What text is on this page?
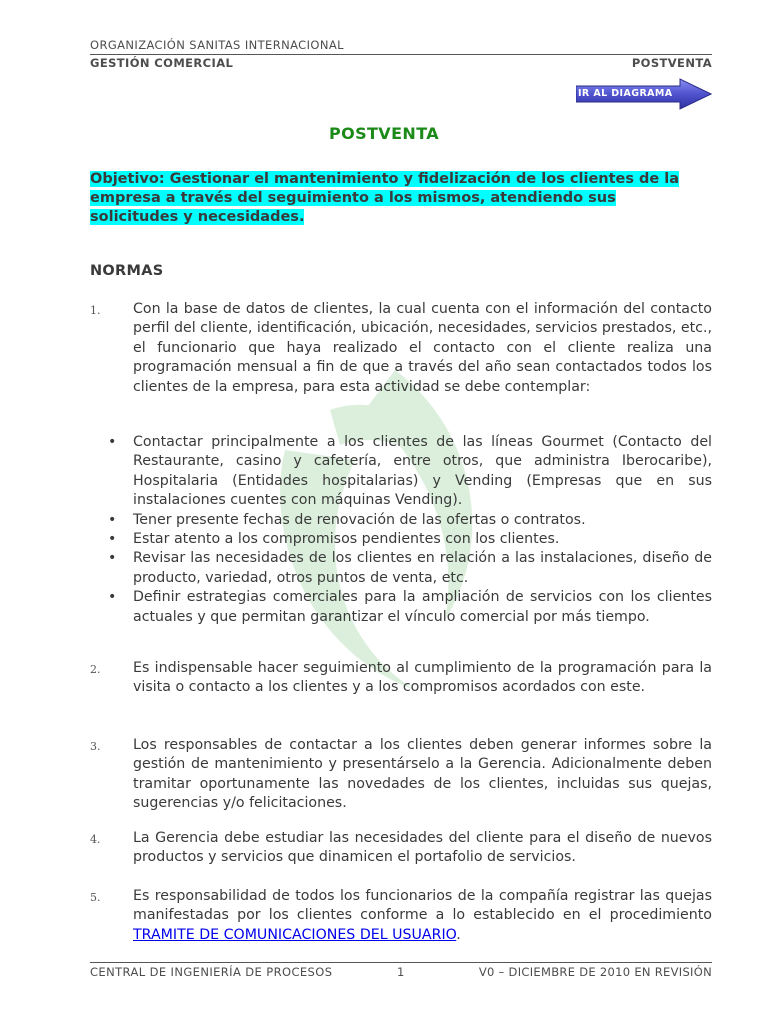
ORGANIZACIÓN SANITAS INTERNACIONAL
GESTIÓN COMERCIAL	POSTVENTA
IR AL DIAGRAMA
POSTVENTA
Objetivo: Gestionar el mantenimiento y fidelización de los clientes de la empresa a través del seguimiento a los mismos, atendiendo sus solicitudes y necesidades.
NORMAS
1. Con la base de datos de clientes, la cual cuenta con el información del contacto perfil del cliente, identificación, ubicación, necesidades, servicios prestados, etc., el funcionario que haya realizado el contacto con el cliente realiza una programación mensual a fin de que a través del año sean contactados todos los clientes de la empresa, para esta actividad se debe contemplar:
• Contactar principalmente a los clientes de las líneas Gourmet (Contacto del Restaurante, casino y cafetería, entre otros, que administra Iberocaribe), Hospitalaria (Entidades hospitalarias) y Vending (Empresas que en sus instalaciones cuentes con máquinas Vending).
• Tener presente fechas de renovación de las ofertas o contratos.
• Estar atento a los compromisos pendientes con los clientes.
• Revisar las necesidades de los clientes en relación a las instalaciones, diseño de producto, variedad, otros puntos de venta, etc.
• Definir estrategias comerciales para la ampliación de servicios con los clientes actuales y que permitan garantizar el vínculo comercial por más tiempo.
2. Es indispensable hacer seguimiento al cumplimiento de la programación para la visita o contacto a los clientes y a los compromisos acordados con este.
3. Los responsables de contactar a los clientes deben generar informes sobre la gestión de mantenimiento y presentárselo a la Gerencia. Adicionalmente deben tramitar oportunamente las novedades de los clientes, incluidas sus quejas, sugerencias y/o felicitaciones.
4. La Gerencia debe estudiar las necesidades del cliente para el diseño de nuevos productos y servicios que dinamicen el portafolio de servicios.
5. Es responsabilidad de todos los funcionarios de la compañía registrar las quejas manifestadas por los clientes conforme a lo establecido en el procedimiento TRAMITE DE COMUNICACIONES DEL USUARIO.
CENTRAL DE INGENIERÍA DE PROCESOS	1	V0 – DICIEMBRE DE 2010 EN REVISIÓN
